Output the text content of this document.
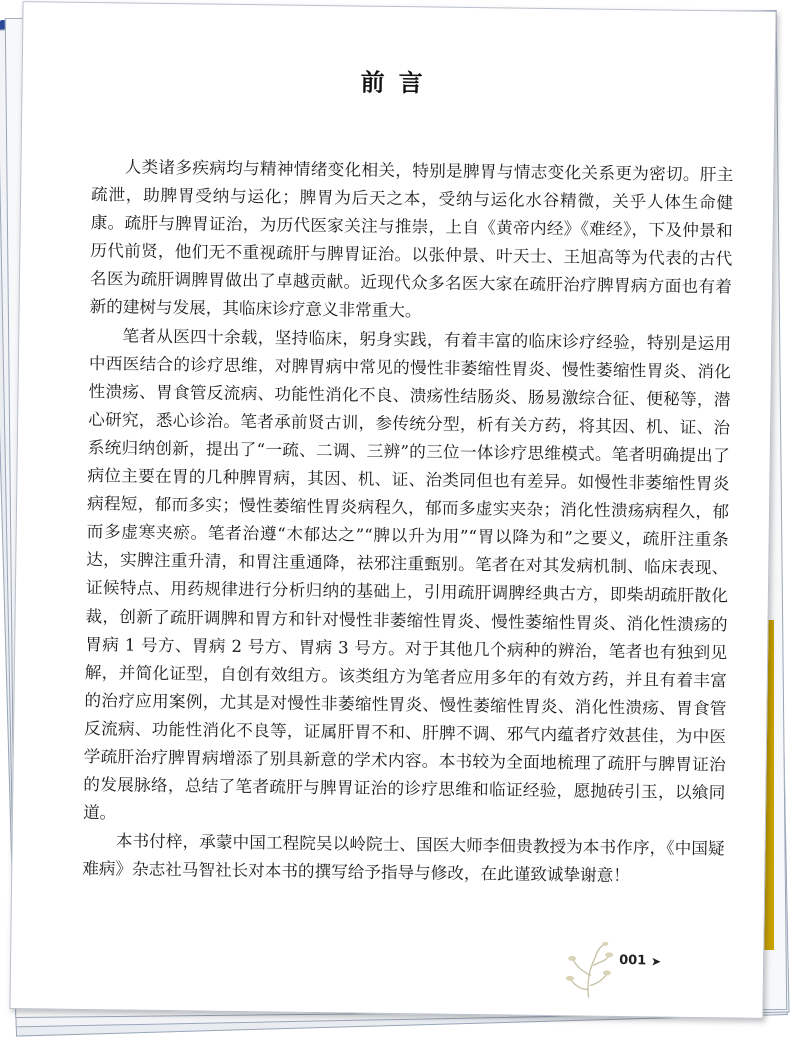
前言

人类诸多疾病均与精神情绪变化相关，特别是脾胃与情志变化关系更为密切。肝主疏泄，助脾胃受纳与运化；脾胃为后天之本，受纳与运化水谷精微，关乎人体生命健康。疏肝与脾胃证治，为历代医家关注与推崇，上自《黄帝内经》《难经》，下及仲景和历代前贤，他们无不重视疏肝与脾胃证治。以张仲景、叶天士、王旭高等为代表的古代名医为疏肝调脾胃做出了卓越贡献。近现代众多名医大家在疏肝治疗脾胃病方面也有着新的建树与发展，其临床诊疗意义非常重大。

笔者从医四十余载，坚持临床，躬身实践，有着丰富的临床诊疗经验，特别是运用中西医结合的诊疗思维，对脾胃病中常见的慢性非萎缩性胃炎、慢性萎缩性胃炎、消化性溃疡、胃食管反流病、功能性消化不良、溃疡性结肠炎、肠易激综合征、便秘等，潜心研究，悉心诊治。笔者承前贤古训，参传统分型，析有关方药，将其因、机、证、治系统归纳创新，提出了“一疏、二调、三辨”的三位一体诊疗思维模式。笔者明确提出了病位主要在胃的几种脾胃病，其因、机、证、治类同但也有差异。如慢性非萎缩性胃炎病程短，郁而多实；慢性萎缩性胃炎病程久，郁而多虚实夹杂；消化性溃疡病程久，郁而多虚寒夹瘀。笔者治遵“木郁达之”“脾以升为用”“胃以降为和”之要义，疏肝注重条达，实脾注重升清，和胃注重通降，祛邪注重甄别。笔者在对其发病机制、临床表现、证候特点、用药规律进行分析归纳的基础上，引用疏肝调脾经典古方，即柴胡疏肝散化裁，创新了疏肝调脾和胃方和针对慢性非萎缩性胃炎、慢性萎缩性胃炎、消化性溃疡的胃病 1 号方、胃病 2 号方、胃病 3 号方。对于其他几个病种的辨治，笔者也有独到见解，并简化证型，自创有效组方。该类组方为笔者应用多年的有效方药，并且有着丰富的治疗应用案例，尤其是对慢性非萎缩性胃炎、慢性萎缩性胃炎、消化性溃疡、胃食管反流病、功能性消化不良等，证属肝胃不和、肝脾不调、邪气内蕴者疗效甚佳，为中医学疏肝治疗脾胃病增添了别具新意的学术内容。本书较为全面地梳理了疏肝与脾胃证治的发展脉络，总结了笔者疏肝与脾胃证治的诊疗思维和临证经验，愿抛砖引玉，以飨同道。

本书付梓，承蒙中国工程院吴以岭院士、国医大师李佃贵教授为本书作序，《中国疑难病》杂志社马智社长对本书的撰写给予指导与修改，在此谨致诚挚谢意！

001 ➤
